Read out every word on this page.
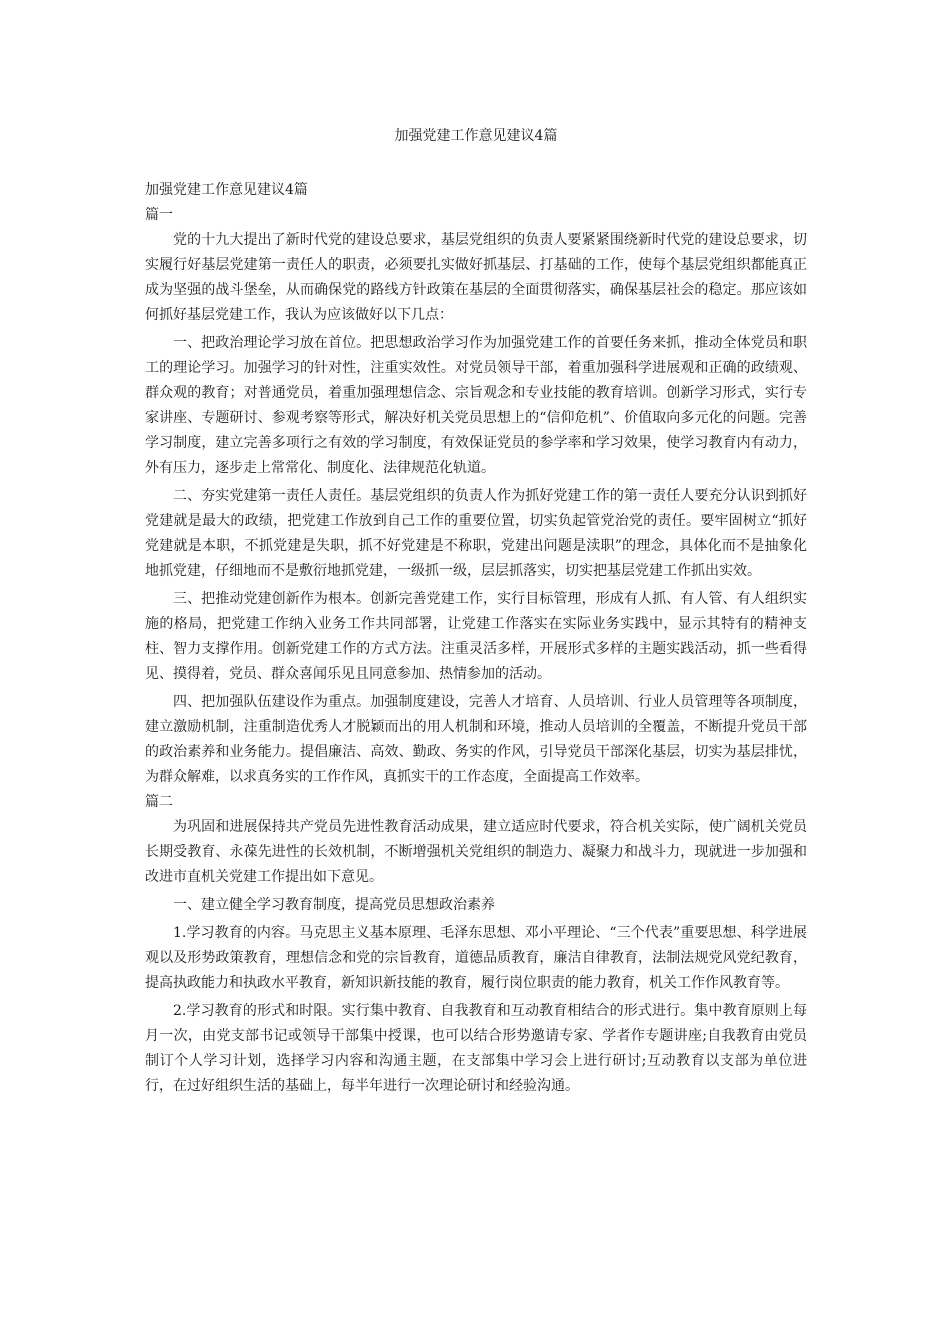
加强党建工作意见建议4篇

加强党建工作意见建议4篇

篇一

党的十九大提出了新时代党的建设总要求，基层党组织的负责人要紧紧围绕新时代党的建设总要求，切实履行好基层党建第一责任人的职责，必须要扎实做好抓基层、打基础的工作，使每个基层党组织都能真正成为坚强的战斗堡垒，从而确保党的路线方针政策在基层的全面贯彻落实，确保基层社会的稳定。那应该如何抓好基层党建工作，我认为应该做好以下几点：

一、把政治理论学习放在首位。把思想政治学习作为加强党建工作的首要任务来抓，推动全体党员和职工的理论学习。加强学习的针对性，注重实效性。对党员领导干部，着重加强科学进展观和正确的政绩观、群众观的教育；对普通党员，着重加强理想信念、宗旨观念和专业技能的教育培训。创新学习形式，实行专家讲座、专题研讨、参观考察等形式，解决好机关党员思想上的“信仰危机”、价值取向多元化的问题。完善学习制度，建立完善多项行之有效的学习制度，有效保证党员的参学率和学习效果，使学习教育内有动力，外有压力，逐步走上常常化、制度化、法律规范化轨道。

二、夯实党建第一责任人责任。基层党组织的负责人作为抓好党建工作的第一责任人要充分认识到抓好党建就是最大的政绩，把党建工作放到自己工作的重要位置，切实负起管党治党的责任。要牢固树立“抓好党建就是本职，不抓党建是失职，抓不好党建是不称职，党建出问题是渎职”的理念，具体化而不是抽象化地抓党建，仔细地而不是敷衍地抓党建，一级抓一级，层层抓落实，切实把基层党建工作抓出实效。

三、把推动党建创新作为根本。创新完善党建工作，实行目标管理，形成有人抓、有人管、有人组织实施的格局，把党建工作纳入业务工作共同部署，让党建工作落实在实际业务实践中，显示其特有的精神支柱、智力支撑作用。创新党建工作的方式方法。注重灵活多样，开展形式多样的主题实践活动，抓一些看得见、摸得着，党员、群众喜闻乐见且同意参加、热情参加的活动。

四、把加强队伍建设作为重点。加强制度建设，完善人才培育、人员培训、行业人员管理等各项制度，建立激励机制，注重制造优秀人才脱颖而出的用人机制和环境，推动人员培训的全覆盖，不断提升党员干部的政治素养和业务能力。提倡廉洁、高效、勤政、务实的作风，引导党员干部深化基层，切实为基层排忧，为群众解难，以求真务实的工作作风，真抓实干的工作态度，全面提高工作效率。

篇二

为巩固和进展保持共产党员先进性教育活动成果，建立适应时代要求，符合机关实际，使广阔机关党员长期受教育、永葆先进性的长效机制，不断增强机关党组织的制造力、凝聚力和战斗力，现就进一步加强和改进市直机关党建工作提出如下意见。

一、建立健全学习教育制度，提高党员思想政治素养

1.学习教育的内容。马克思主义基本原理、毛泽东思想、邓小平理论、“三个代表”重要思想、科学进展观以及形势政策教育，理想信念和党的宗旨教育，道德品质教育，廉洁自律教育，法制法规党风党纪教育，提高执政能力和执政水平教育，新知识新技能的教育，履行岗位职责的能力教育，机关工作作风教育等。

2.学习教育的形式和时限。实行集中教育、自我教育和互动教育相结合的形式进行。集中教育原则上每月一次，由党支部书记或领导干部集中授课，也可以结合形势邀请专家、学者作专题讲座;自我教育由党员制订个人学习计划，选择学习内容和沟通主题，在支部集中学习会上进行研讨;互动教育以支部为单位进行，在过好组织生活的基础上，每半年进行一次理论研讨和经验沟通。
